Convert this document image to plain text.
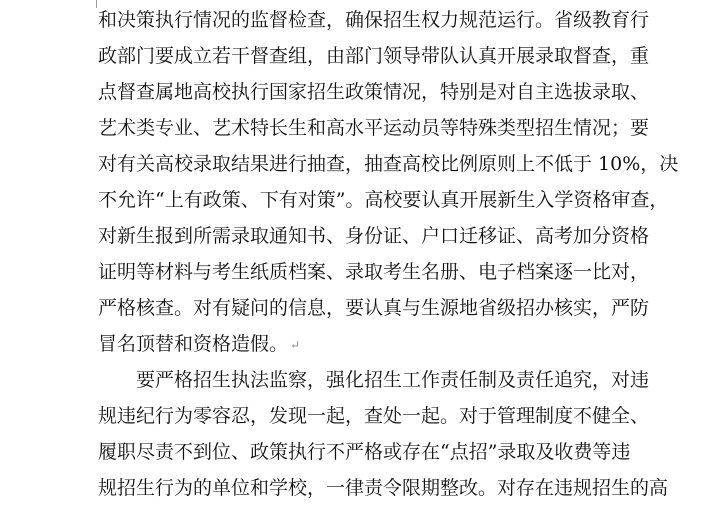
和决策执行情况的监督检查，确保招生权力规范运行。省级教育行
政部门要成立若干督查组，由部门领导带队认真开展录取督查，重
点督查属地高校执行国家招生政策情况，特别是对自主选拔录取、
艺术类专业、艺术特长生和高水平运动员等特殊类型招生情况；要
对有关高校录取结果进行抽查，抽查高校比例原则上不低于 10%，决
不允许“上有政策、下有对策”。高校要认真开展新生入学资格审查，
对新生报到所需录取通知书、身份证、户口迁移证、高考加分资格
证明等材料与考生纸质档案、录取考生名册、电子档案逐一比对，
严格核查。对有疑问的信息，要认真与生源地省级招办核实，严防
冒名顶替和资格造假。 ↵
要严格招生执法监察，强化招生工作责任制及责任追究，对违
规违纪行为零容忍，发现一起，查处一起。对于管理制度不健全、
履职尽责不到位、政策执行不严格或存在“点招”录取及收费等违
规招生行为的单位和学校，一律责令限期整改。对存在违规招生的高
